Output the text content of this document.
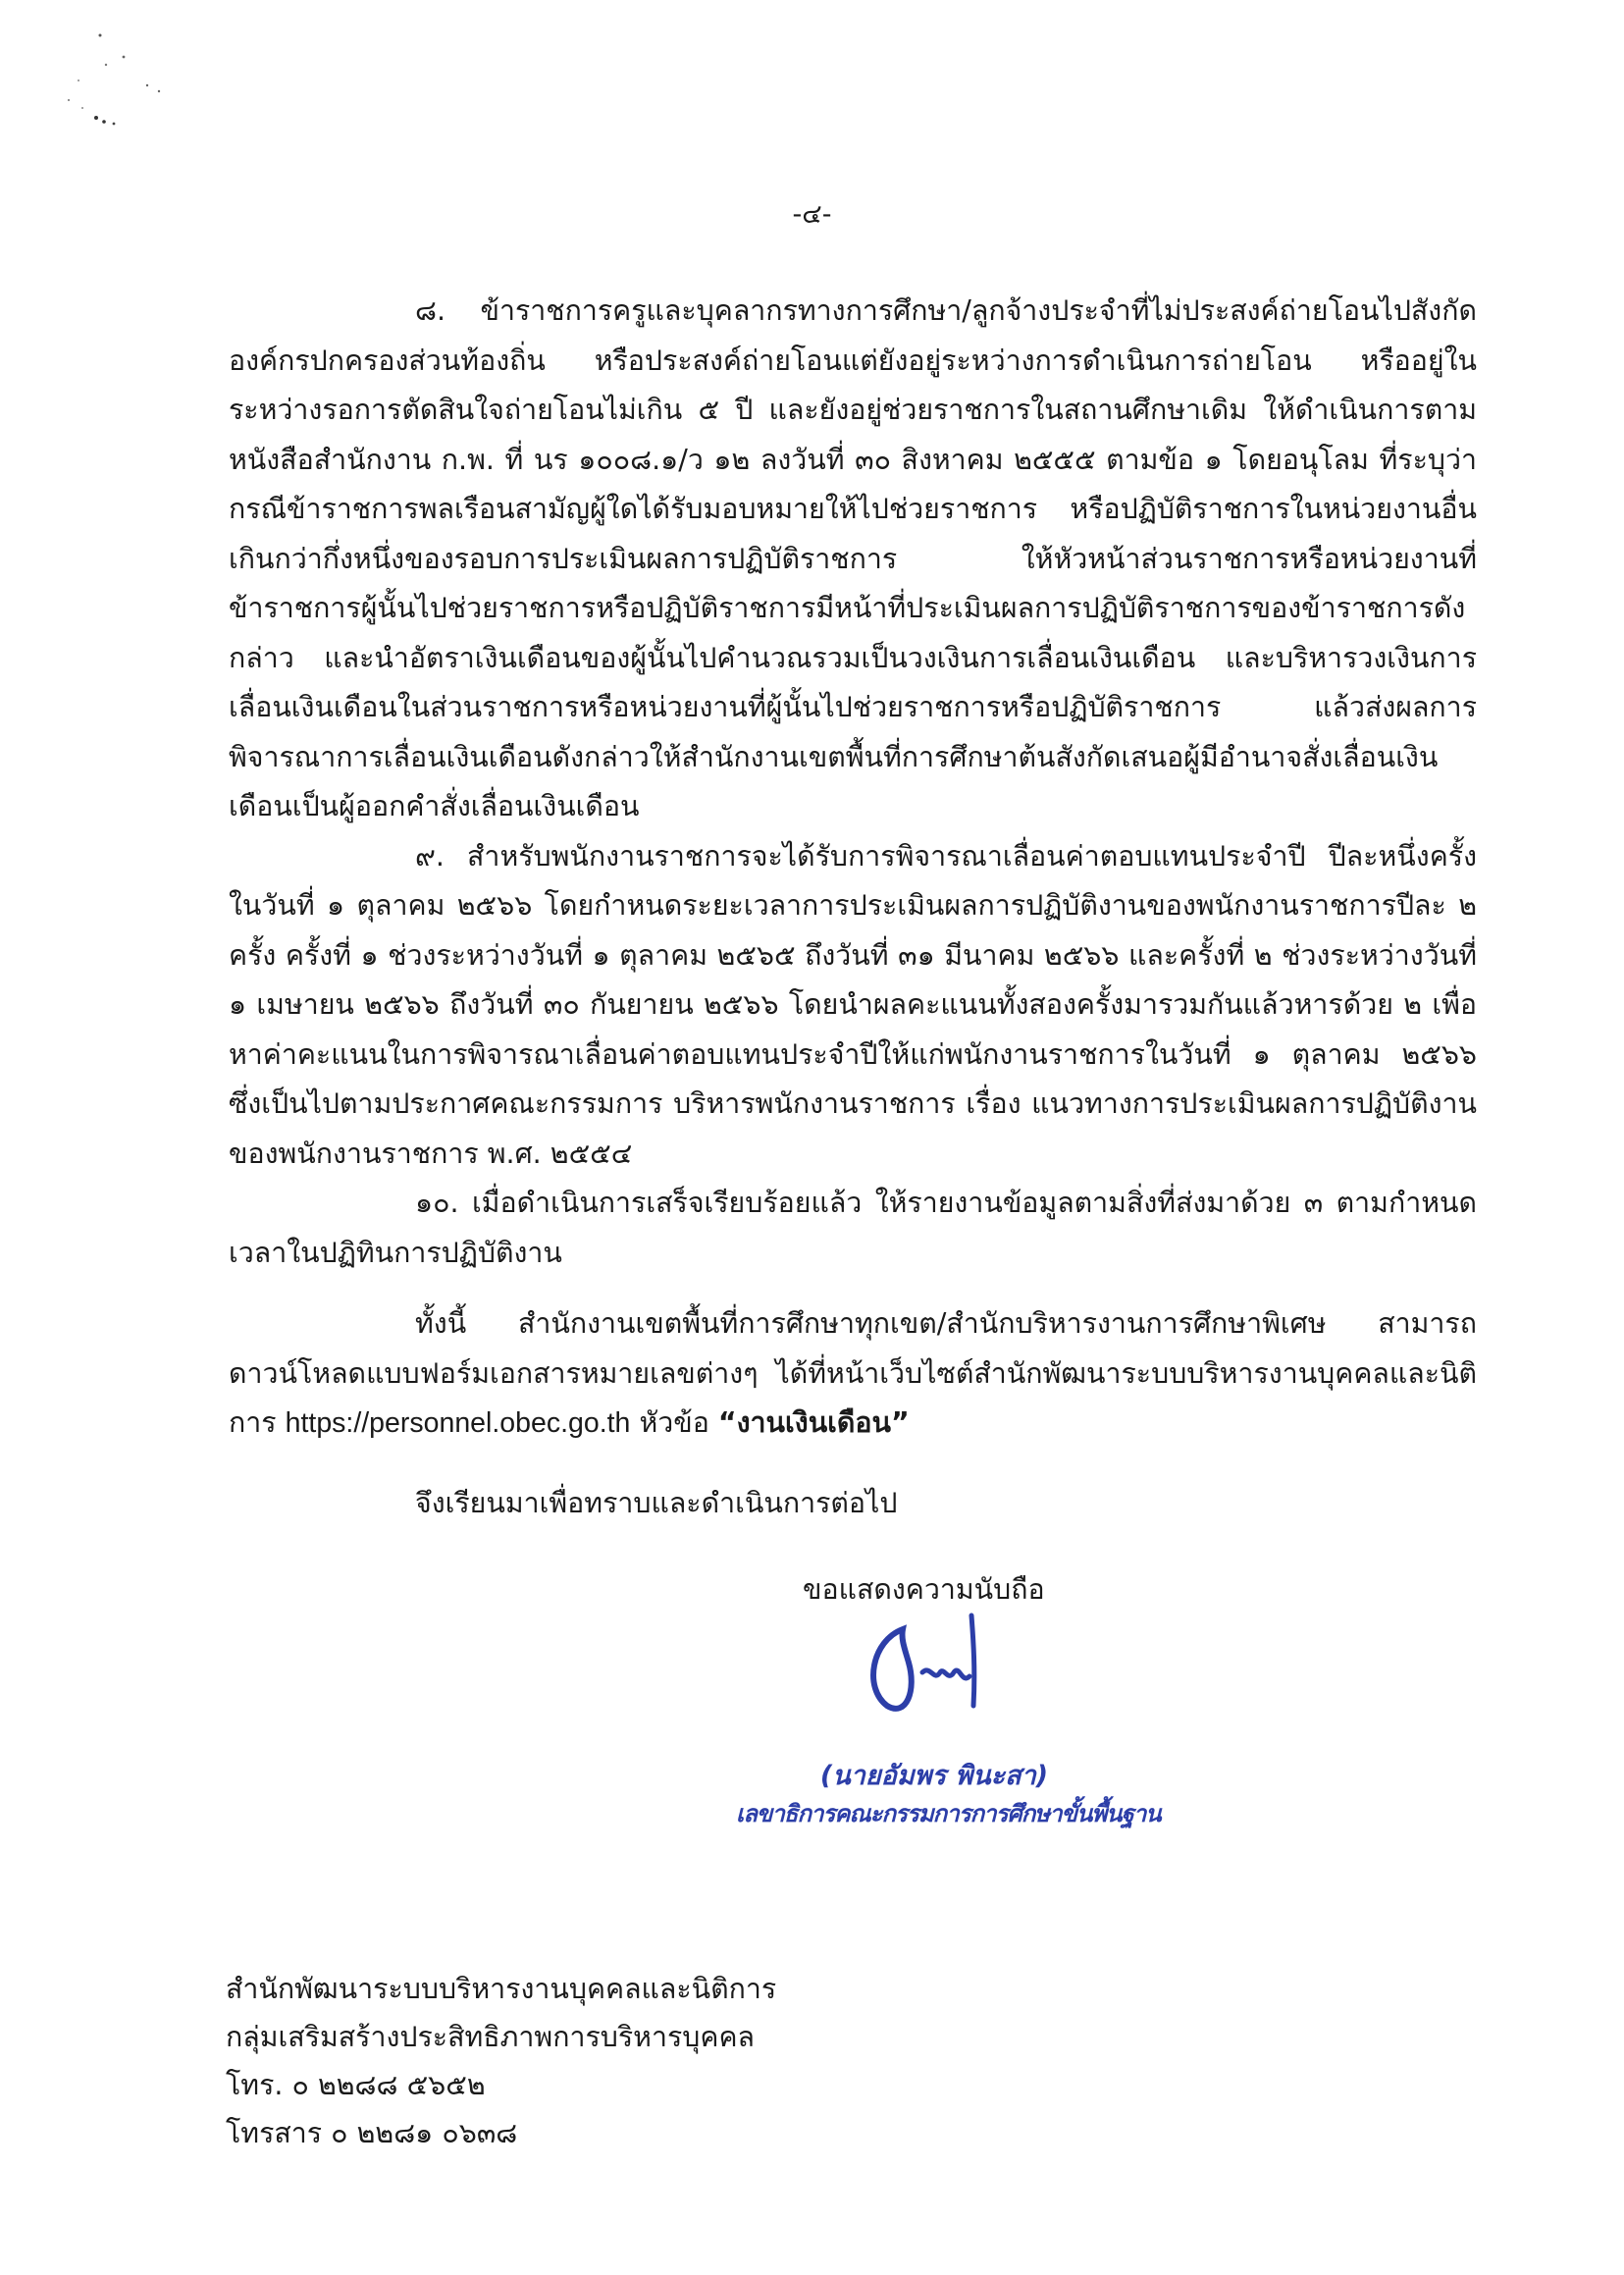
-๔-

๘. ข้าราชการครูและบุคลากรทางการศึกษา/ลูกจ้างประจำที่ไม่ประสงค์ถ่ายโอนไปสังกัดองค์กรปกครองส่วนท้องถิ่น หรือประสงค์ถ่ายโอนแต่ยังอยู่ระหว่างการดำเนินการถ่ายโอน หรืออยู่ในระหว่างรอการตัดสินใจถ่ายโอนไม่เกิน ๕ ปี และยังอยู่ช่วยราชการในสถานศึกษาเดิม ให้ดำเนินการตามหนังสือสำนักงาน ก.พ. ที่ นร ๑๐๐๘.๑/ว ๑๒ ลงวันที่ ๓๐ สิงหาคม ๒๕๕๕ ตามข้อ ๑ โดยอนุโลม ที่ระบุว่ากรณีข้าราชการพลเรือนสามัญผู้ใดได้รับมอบหมายให้ไปช่วยราชการ หรือปฏิบัติราชการในหน่วยงานอื่นเกินกว่ากึ่งหนึ่งของรอบการประเมินผลการปฏิบัติราชการ ให้หัวหน้าส่วนราชการหรือหน่วยงานที่ข้าราชการผู้นั้นไปช่วยราชการหรือปฏิบัติราชการมีหน้าที่ประเมินผลการปฏิบัติราชการของข้าราชการดังกล่าว และนำอัตราเงินเดือนของผู้นั้นไปคำนวณรวมเป็นวงเงินการเลื่อนเงินเดือน และบริหารวงเงินการเลื่อนเงินเดือนในส่วนราชการหรือหน่วยงานที่ผู้นั้นไปช่วยราชการหรือปฏิบัติราชการ แล้วส่งผลการพิจารณาการเลื่อนเงินเดือนดังกล่าวให้สำนักงานเขตพื้นที่การศึกษาต้นสังกัดเสนอผู้มีอำนาจสั่งเลื่อนเงินเดือนเป็นผู้ออกคำสั่งเลื่อนเงินเดือน

๙. สำหรับพนักงานราชการจะได้รับการพิจารณาเลื่อนค่าตอบแทนประจำปี ปีละหนึ่งครั้งในวันที่ ๑ ตุลาคม ๒๕๖๖ โดยกำหนดระยะเวลาการประเมินผลการปฏิบัติงานของพนักงานราชการปีละ ๒ ครั้ง ครั้งที่ ๑ ช่วงระหว่างวันที่ ๑ ตุลาคม ๒๕๖๕ ถึงวันที่ ๓๑ มีนาคม ๒๕๖๖ และครั้งที่ ๒ ช่วงระหว่างวันที่ ๑ เมษายน ๒๕๖๖ ถึงวันที่ ๓๐ กันยายน ๒๕๖๖ โดยนำผลคะแนนทั้งสองครั้งมารวมกันแล้วหารด้วย ๒ เพื่อหาค่าคะแนนในการพิจารณาเลื่อนค่าตอบแทนประจำปีให้แก่พนักงานราชการในวันที่ ๑ ตุลาคม ๒๕๖๖ ซึ่งเป็นไปตามประกาศคณะกรรมการ บริหารพนักงานราชการ เรื่อง แนวทางการประเมินผลการปฏิบัติงานของพนักงานราชการ พ.ศ. ๒๕๕๔

๑๐. เมื่อดำเนินการเสร็จเรียบร้อยแล้ว ให้รายงานข้อมูลตามสิ่งที่ส่งมาด้วย ๓ ตามกำหนดเวลาในปฏิทินการปฏิบัติงาน

ทั้งนี้ สำนักงานเขตพื้นที่การศึกษาทุกเขต/สำนักบริหารงานการศึกษาพิเศษ สามารถดาวน์โหลดแบบฟอร์มเอกสารหมายเลขต่างๆ ได้ที่หน้าเว็บไซต์สำนักพัฒนาระบบบริหารงานบุคคลและนิติการ https://personnel.obec.go.th หัวข้อ “งานเงินเดือน”

จึงเรียนมาเพื่อทราบและดำเนินการต่อไป
ขอแสดงความนับถือ
(นายอัมพร พินะสา)
เลขาธิการคณะกรรมการการศึกษาขั้นพื้นฐาน
สำนักพัฒนาระบบบริหารงานบุคคลและนิติการ
กลุ่มเสริมสร้างประสิทธิภาพการบริหารบุคคล
โทร. ๐ ๒๒๘๘ ๕๖๕๒
โทรสาร ๐ ๒๒๘๑ ๐๖๓๘
